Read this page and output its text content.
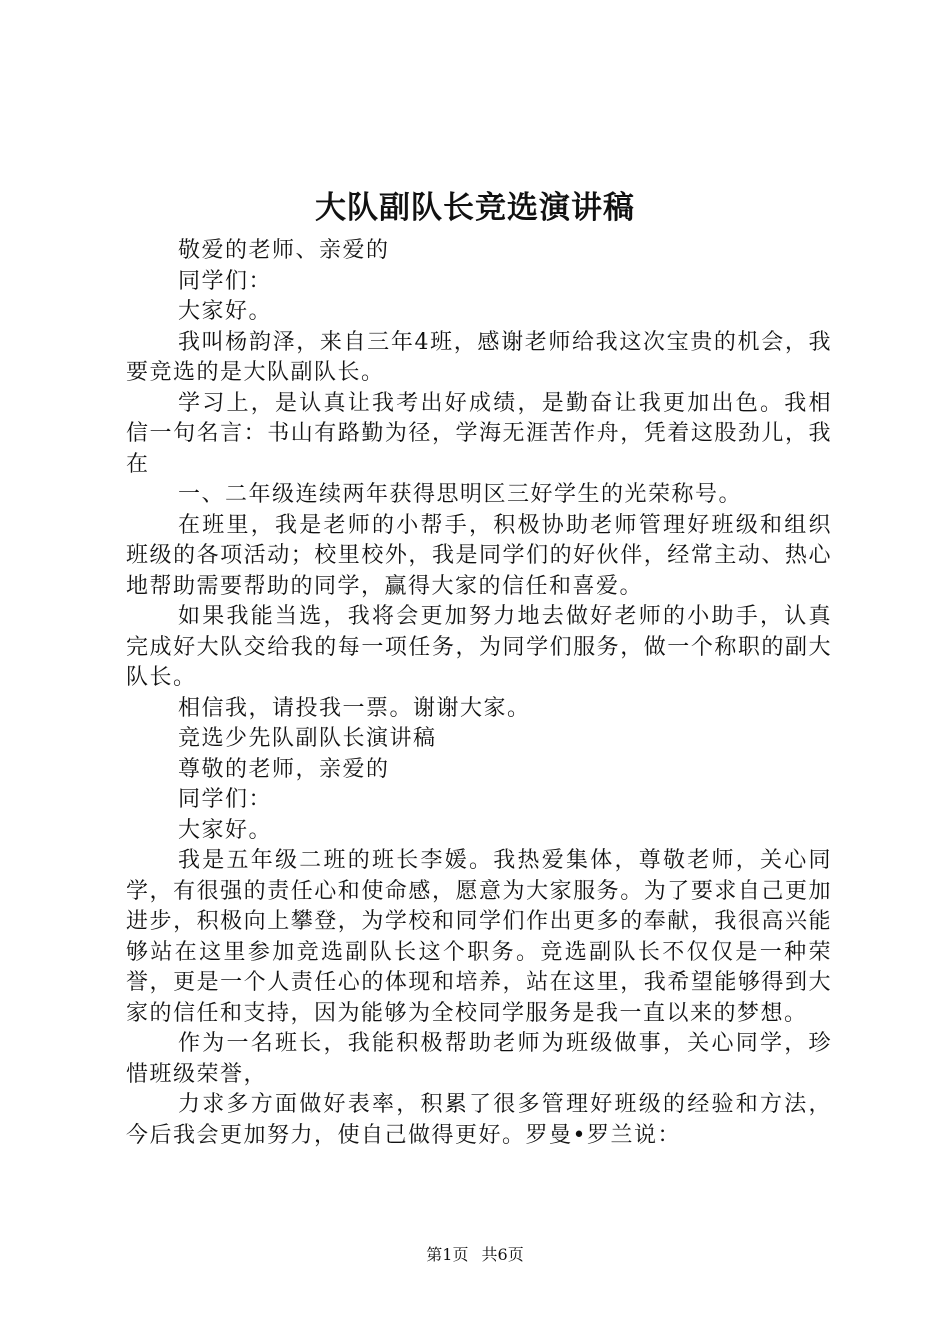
大队副队长竞选演讲稿

敬爱的老师、亲爱的

同学们：

大家好。

我叫杨韵泽，来自三年4班，感谢老师给我这次宝贵的机会，我要竞选的是大队副队长。

学习上，是认真让我考出好成绩，是勤奋让我更加出色。我相信一句名言：书山有路勤为径，学海无涯苦作舟，凭着这股劲儿，我在

一、二年级连续两年获得思明区三好学生的光荣称号。

在班里，我是老师的小帮手，积极协助老师管理好班级和组织班级的各项活动；校里校外，我是同学们的好伙伴，经常主动、热心地帮助需要帮助的同学，赢得大家的信任和喜爱。

如果我能当选，我将会更加努力地去做好老师的小助手，认真完成好大队交给我的每一项任务，为同学们服务，做一个称职的副大队长。

相信我，请投我一票。谢谢大家。

竞选少先队副队长演讲稿

尊敬的老师，亲爱的

同学们：

大家好。

我是五年级二班的班长李媛。我热爱集体，尊敬老师，关心同学，有很强的责任心和使命感，愿意为大家服务。为了要求自己更加进步，积极向上攀登，为学校和同学们作出更多的奉献，我很高兴能够站在这里参加竞选副队长这个职务。竞选副队长不仅仅是一种荣誉，更是一个人责任心的体现和培养，站在这里，我希望能够得到大家的信任和支持，因为能够为全校同学服务是我一直以来的梦想。

作为一名班长，我能积极帮助老师为班级做事，关心同学，珍惜班级荣誉，

力求多方面做好表率，积累了很多管理好班级的经验和方法，今后我会更加努力，使自己做得更好。罗曼•罗兰说：

第1页 共6页
